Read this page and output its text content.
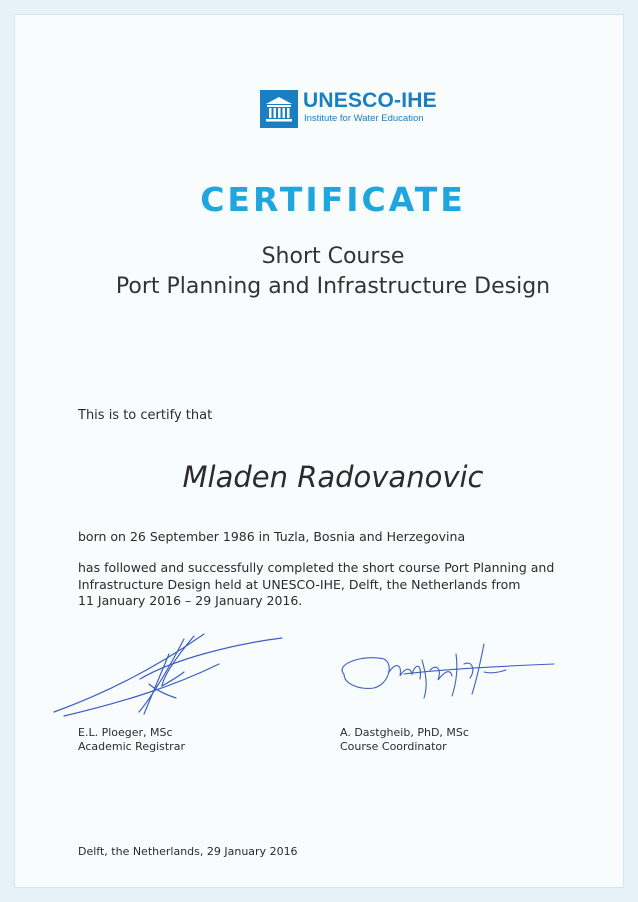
UNESCO-IHE
Institute for Water Education
CERTIFICATE
Short Course
Port Planning and Infrastructure Design
This is to certify that
Mladen Radovanovic
born on 26 September 1986 in Tuzla, Bosnia and Herzegovina
has followed and successfully completed the short course Port Planning and
Infrastructure Design held at UNESCO-IHE, Delft, the Netherlands from
11 January 2016 – 29 January 2016.
E.L. Ploeger, MSc
Academic Registrar
A. Dastgheib, PhD, MSc
Course Coordinator
Delft, the Netherlands, 29 January 2016
